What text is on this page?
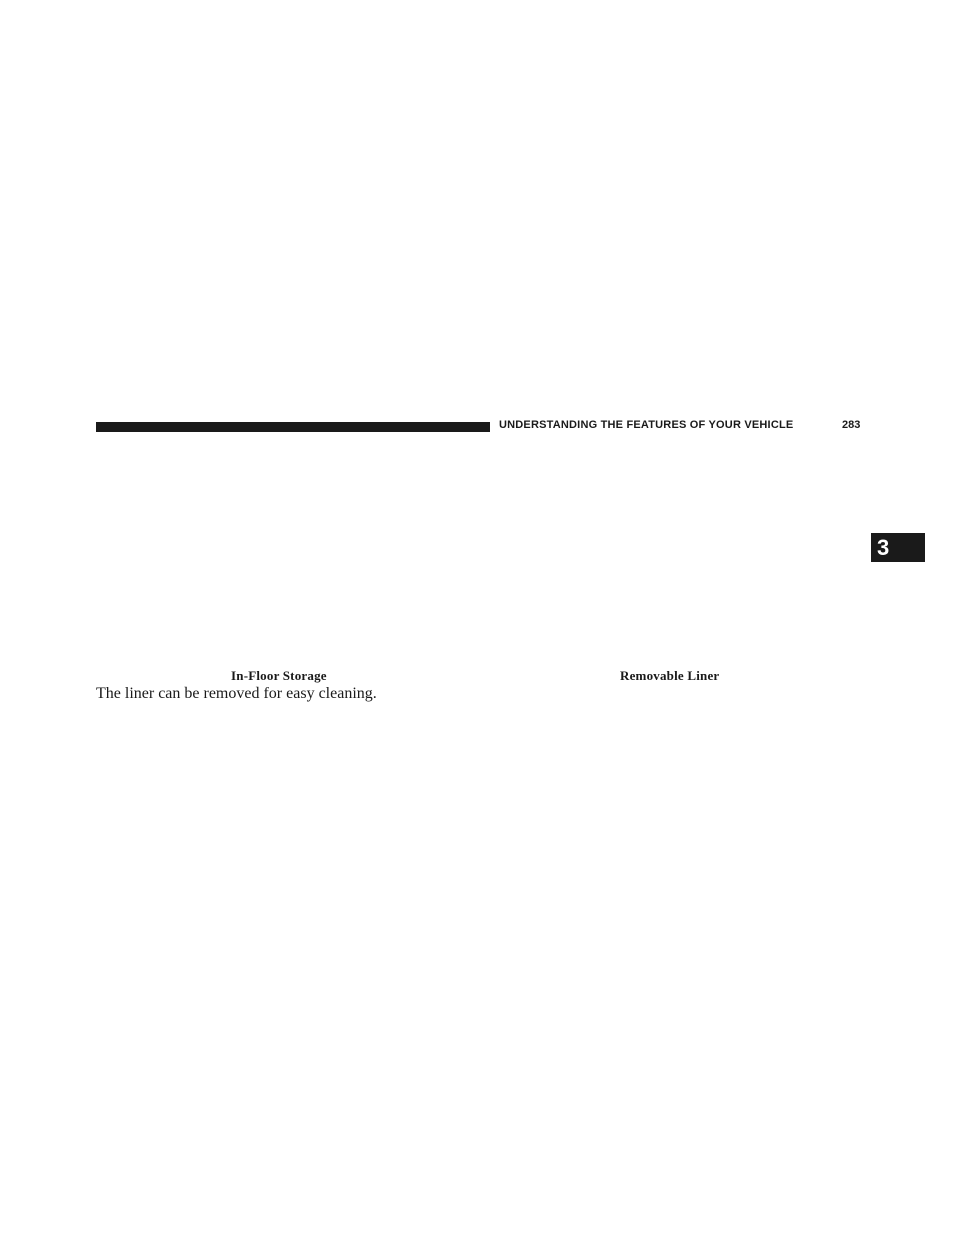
UNDERSTANDING THE FEATURES OF YOUR VEHICLE	283
3
In-Floor Storage	Removable Liner
The liner can be removed for easy cleaning.
